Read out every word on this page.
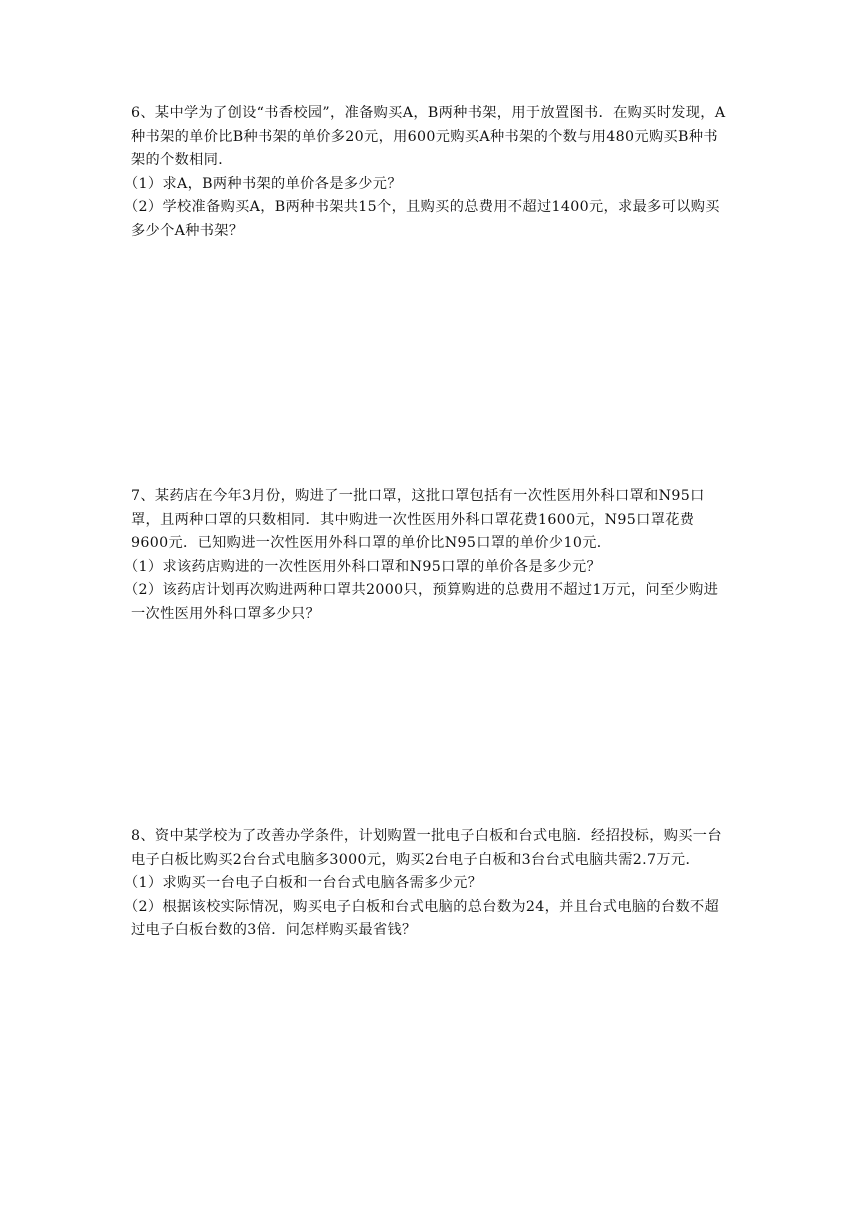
6、某中学为了创设“书香校园”，准备购买A，B两种书架，用于放置图书．在购买时发现，A种书架的单价比B种书架的单价多20元，用600元购买A种书架的个数与用480元购买B种书架的个数相同．

（1）求A，B两种书架的单价各是多少元？

（2）学校准备购买A，B两种书架共15个，且购买的总费用不超过1400元，求最多可以购买多少个A种书架？

7、某药店在今年3月份，购进了一批口罩，这批口罩包括有一次性医用外科口罩和N95口罩，且两种口罩的只数相同．其中购进一次性医用外科口罩花费1600元，N95口罩花费9600元．已知购进一次性医用外科口罩的单价比N95口罩的单价少10元．

（1）求该药店购进的一次性医用外科口罩和N95口罩的单价各是多少元？

（2）该药店计划再次购进两种口罩共2000只，预算购进的总费用不超过1万元，问至少购进一次性医用外科口罩多少只？

8、资中某学校为了改善办学条件，计划购置一批电子白板和台式电脑．经招投标，购买一台电子白板比购买2台台式电脑多3000元，购买2台电子白板和3台台式电脑共需2.7万元．

（1）求购买一台电子白板和一台台式电脑各需多少元？

（2）根据该校实际情况，购买电子白板和台式电脑的总台数为24，并且台式电脑的台数不超过电子白板台数的3倍．问怎样购买最省钱？
